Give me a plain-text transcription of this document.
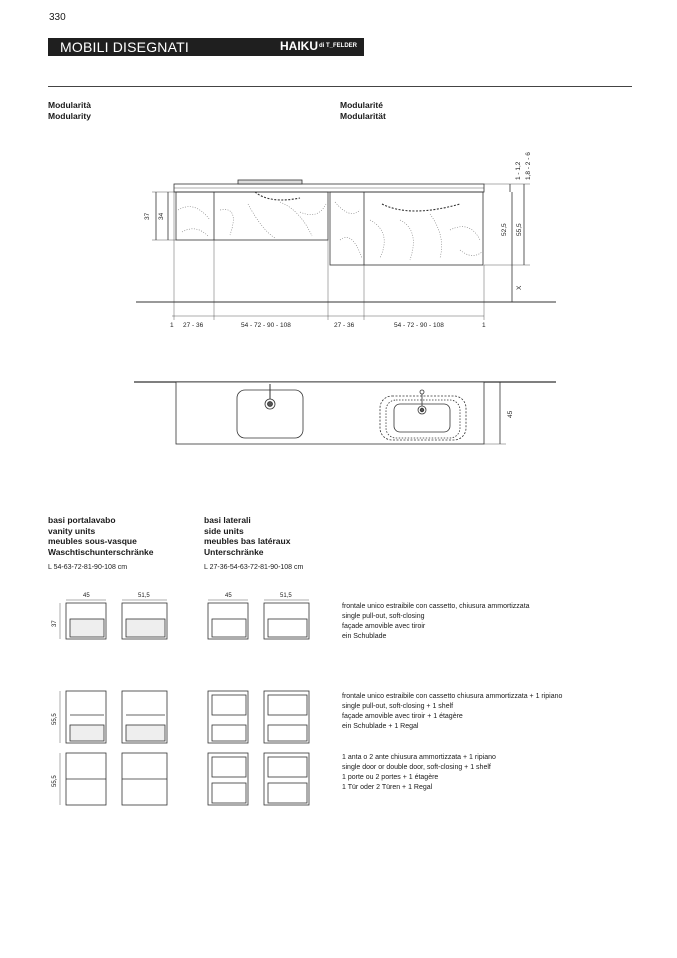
330
MOBILI DISEGNATI	HAIKU di T_FELDER
Modularità
Modularity
Modularité
Modularität
37 34
1 - 1,2 1,8 - 2 - 6
52,5 55,5
X
1 27 - 36	54 - 72 - 90 - 108	27 - 36	54 - 72 - 90 - 108	1
45
basi portalavabo
vanity units
meubles sous-vasque
Waschtischunterschränke
L 54-63-72-81-90-108 cm
basi laterali
side units
meubles bas latéraux
Unterschränke
L 27-36-54-63-72-81-90-108 cm
45	51,5	45	51,5
37
55,5
55,5
frontale unico estraibile con cassetto, chiusura ammortizzata
single pull-out, soft-closing
façade amovible avec tiroir
ein Schublade
frontale unico estraibile con cassetto chiusura ammortizzata + 1 ripiano
single pull-out, soft-closing + 1 shelf
façade amovible avec tiroir + 1 étagère
ein Schublade + 1 Regal
1 anta o 2 ante chiusura ammortizzata + 1 ripiano
single door or double door, soft-closing + 1 shelf
1 porte ou 2 portes + 1 étagère
1 Tür oder 2 Türen + 1 Regal
